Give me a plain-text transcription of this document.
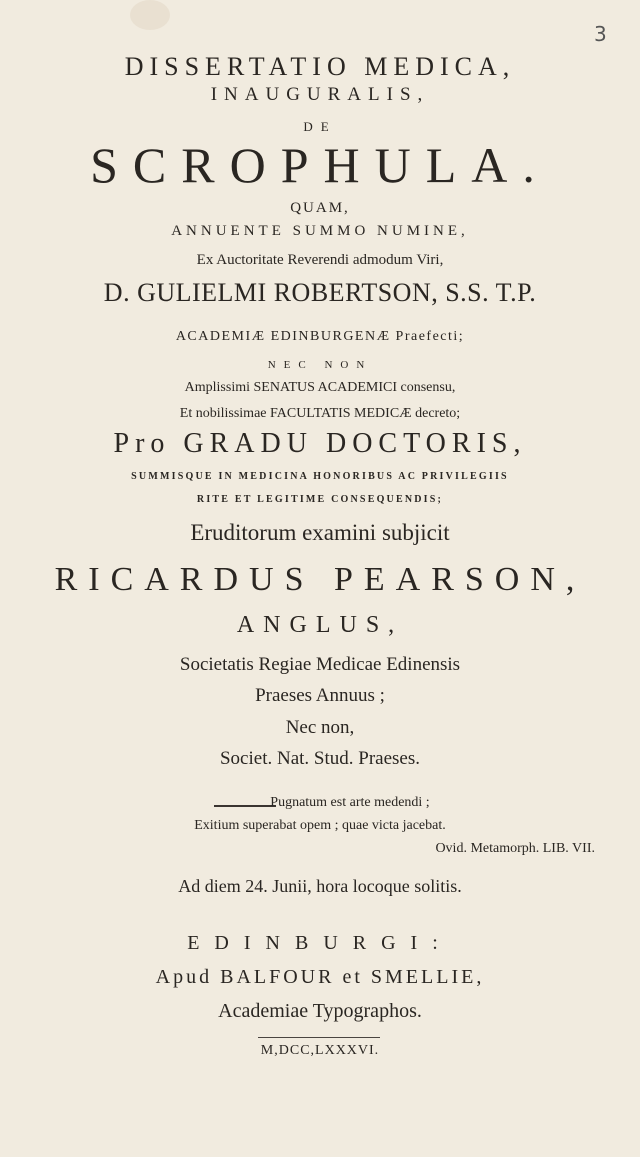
3
DISSERTATIO MEDICA,
INAUGURALIS,
DE
SCROPHULA.
QUAM,
ANNUENTE SUMMO NUMINE,
Ex Auctoritate Reverendi admodum Viri,
D. GULIELMI ROBERTSON, S.S. T.P.
ACADEMIÆ EDINBURGENÆ Praefecti;
NEC NON
Amplissimi SENATUS ACADEMICI consensu,
Et nobilissimae FACULTATIS MEDICÆ decreto;
Pro GRADU DOCTORIS,
SUMMISQUE IN MEDICINA HONORIBUS AC PRIVILEGIIS
RITE ET LEGITIME CONSEQUENDIS;
Eruditorum examini subjicit
RICARDUS PEARSON,
ANGLUS,
Societatis Regiae Medicae Edinensis
Praeses Annuus ;
Nec non,
Societ. Nat. Stud. Praeses.
Pugnatum est arte medendi ;
Exitium superabat opem ; quae victa jacebat.
Ovid. Metamorph. LIB. VII.
Ad diem 24. Junii, hora locoque solitis.
EDINBURGI:
Apud BALFOUR et SMELLIE,
Academiae Typographos.
M,DCC,LXXXVI.
